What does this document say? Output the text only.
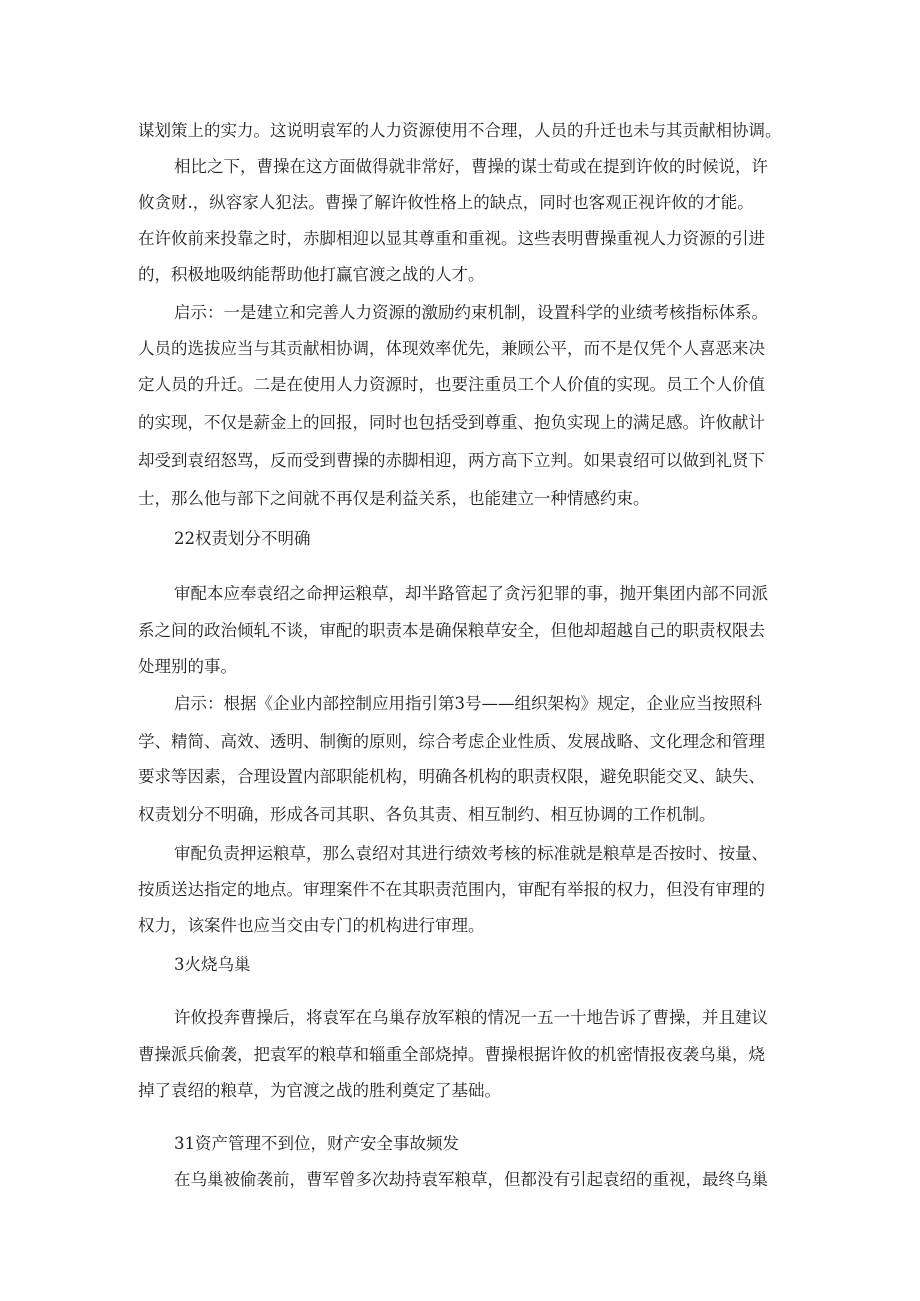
谋划策上的实力。这说明袁军的人力资源使用不合理，人员的升迁也未与其贡献相协调。
相比之下，曹操在这方面做得就非常好，曹操的谋士荀或在提到许攸的时候说，许
攸贪财.，纵容家人犯法。曹操了解许攸性格上的缺点，同时也客观正视许攸的才能。
在许攸前来投靠之时，赤脚相迎以显其尊重和重视。这些表明曹操重视人力资源的引进
的，积极地吸纳能帮助他打赢官渡之战的人才。
启示：一是建立和完善人力资源的激励约束机制，设置科学的业绩考核指标体系。
人员的选拔应当与其贡献相协调，体现效率优先，兼顾公平，而不是仅凭个人喜恶来决
定人员的升迁。二是在使用人力资源时，也要注重员工个人价值的实现。员工个人价值
的实现，不仅是薪金上的回报，同时也包括受到尊重、抱负实现上的满足感。许攸献计
却受到袁绍怒骂，反而受到曹操的赤脚相迎，两方高下立判。如果袁绍可以做到礼贤下
士，那么他与部下之间就不再仅是利益关系，也能建立一种情感约束。
22权责划分不明确
审配本应奉袁绍之命押运粮草，却半路管起了贪污犯罪的事，抛开集团内部不同派
系之间的政治倾轧不谈，审配的职责本是确保粮草安全，但他却超越自己的职责权限去
处理别的事。
启示：根据《企业内部控制应用指引第3号——组织架构》规定，企业应当按照科
学、精简、高效、透明、制衡的原则，综合考虑企业性质、发展战略、文化理念和管理
要求等因素，合理设置内部职能机构，明确各机构的职责权限，避免职能交叉、缺失、
权责划分不明确，形成各司其职、各负其责、相互制约、相互协调的工作机制。
审配负责押运粮草，那么袁绍对其进行绩效考核的标准就是粮草是否按时、按量、
按质送达指定的地点。审理案件不在其职责范围内，审配有举报的权力，但没有审理的
权力，该案件也应当交由专门的机构进行审理。
3火烧乌巢
许攸投奔曹操后，将袁军在乌巢存放军粮的情况一五一十地告诉了曹操，并且建议
曹操派兵偷袭，把袁军的粮草和辎重全部烧掉。曹操根据许攸的机密情报夜袭乌巢，烧
掉了袁绍的粮草，为官渡之战的胜利奠定了基础。
31资产管理不到位，财产安全事故频发
在乌巢被偷袭前，曹军曾多次劫持袁军粮草，但都没有引起袁绍的重视，最终乌巢
